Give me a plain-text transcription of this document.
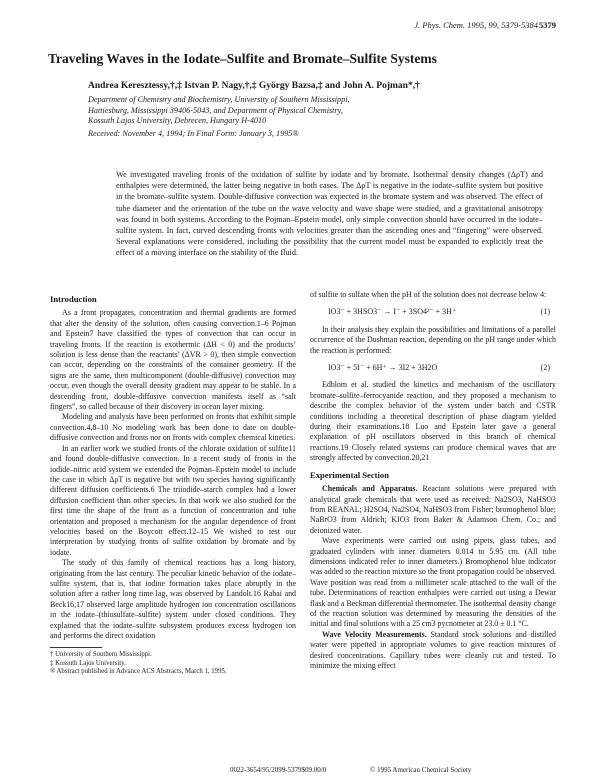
J. Phys. Chem. 1995, 99, 5379-5384 5379
Traveling Waves in the Iodate–Sulfite and Bromate–Sulfite Systems
Andrea Keresztessy,†,‡ Istvan P. Nagy,†,‡ György Bazsa,‡ and John A. Pojman*,†
Department of Chemistry and Biochemistry, University of Southern Mississippi,
Hattiesburg, Mississippi 39406-5043, and Department of Physical Chemistry,
Kossuth Lajos University, Debrecen, Hungary H-4010
Received: November 4, 1994; In Final Form: January 3, 1995®

We investigated traveling fronts of the oxidation of sulfite by iodate and by bromate. Isothermal density changes (ΔρT) and enthalpies were determined, the latter being negative in both cases. The ΔρT is negative in the iodate–sulfite system but positive in the bromate–sulfite system. Double-diffusive convection was expected in the bromate system and was observed. The effect of tube diameter and the orientation of the tube on the wave velocity and wave shape were studied, and a gravitational anisotropy was found in both systems. According to the Pojman–Epstein model, only simple convection should have occurred in the iodate–sulfite system. In fact, curved descending fronts with velocities greater than the ascending ones and “fingering” were observed. Several explanations were considered, including the possibility that the current model must be expanded to explicitly treat the effect of a moving interface on the stability of the fluid.

Introduction

As a front propagates, concentration and thermal gradients are formed that alter the density of the solution, often causing convection.1–6 Pojman and Epstein7 have classified the types of convection that can occur in traveling fronts. If the reaction is exothermic (ΔH < 0) and the products’ solution is less dense than the reactants’ (ΔVR > 0), then simple convection can occur, depending on the constraints of the container geometry. If the signs are the same, then multicomponent (double-diffusive) convection may occur, even though the overall density gradient may appear to be stable. In a descending front, double-diffusive convection manifests itself as “salt fingers”, so called because of their discovery in ocean layer mixing.

Modeling and analysis have been performed on fronts that exhibit simple convection.4,8–10 No modeling work has been done to date on double-diffusive convection and fronts nor on fronts with complex chemical kinetics.

In an earlier work we studied fronts of the chlorate oxidation of sulfite11 and found double-diffusive convection. In a recent study of fronts in the iodide–nitric acid system we extended the Pojman–Epstein model to include the case in which ΔρT is negative but with two species having significantly different diffusion coefficients.6 The triiodide–starch complex had a lower diffusion coefficient than other species. In that work we also studied for the first time the shape of the front as a function of concentration and tube orientation and proposed a mechanism for the angular dependence of front velocities based on the Boycott effect.12–15 We wished to test our interpretation by studying fronts of sulfite oxidation by bromate and by iodate.

The study of this family of chemical reactions has a long history, originating from the last century. The peculiar kinetic behavior of the iodate–sulfite system, that is, that iodine formation takes place abruptly in the solution after a rather long time lag, was observed by Landolt.16 Rabai and Beck16,17 observed large amplitude hydrogen ion concentration oscillations in the iodate–(thiosulfate–sulfite) system under closed conditions. They explained that the iodate–sulfite subsystem produces excess hydrogen ion and performs the direct oxidation

† University of Southern Mississippi.
‡ Kossuth Lajos University.
® Abstract published in Advance ACS Abstracts, March 1, 1995.

of sulfite to sulfate when the pH of the solution does not decrease below 4:

IO3⁻ + 3HSO3⁻ → I⁻ + 3SO4²⁻ + 3H⁺	(1)

In their analysis they explain the possibilities and limitations of a parallel occurrence of the Dushman reaction, depending on the pH range under which the reaction is performed:

IO3⁻ + 5I⁻ + 6H⁺ → 3I2 + 3H2O	(2)

Edblom et al. studied the kinetics and mechanism of the oscillatory bromate–sulfite–ferrocyanide reaction, and they proposed a mechanism to describe the complex behavior of the system under batch and CSTR conditions including a theoretical description of phase diagram yielded during their examinations.18 Luo and Epstein later gave a general explanation of pH oscillators observed in this branch of chemical reactions.19 Closely related systems can produce chemical waves that are strongly affected by convection.20,21

Experimental Section

Chemicals and Apparatus. Reactant solutions were prepared with analytical grade chemicals that were used as received: Na2SO3, NaHSO3 from REANAL; H2SO4, Na2SO4, NaHSO3 from Fisher; bromophenol blue; NaBrO3 from Aldrich; KIO3 from Baker & Adamson Chem. Co.; and deionized water.

Wave experiments were carried out using pipets, glass tubes, and graduated cylinders with inner diameters 0.014 to 5.95 cm. (All tube dimensions indicated refer to inner diameters.) Bromophenol blue indicator was added to the reaction mixture so the front propagation could be observed. Wave position was read from a millimeter scale attached to the wall of the tube. Determinations of reaction enthalpies were carried out using a Dewar flask and a Beckman differential thermometer. The isothermal density change of the reaction solution was determined by measuring the densities of the initial and final solutions with a 25 cm3 pycnometer at 23.0 ± 0.1 °C.

Wave Velocity Measurements. Standard stock solutions and distilled water were pipetted in appropriate volumes to give reaction mixtures of desired concentrations. Capillary tubes were cleanly cut and tested. To minimize the mixing effect

0022-3654/95/2099-5379$09.00/0	© 1995 American Chemical Society
